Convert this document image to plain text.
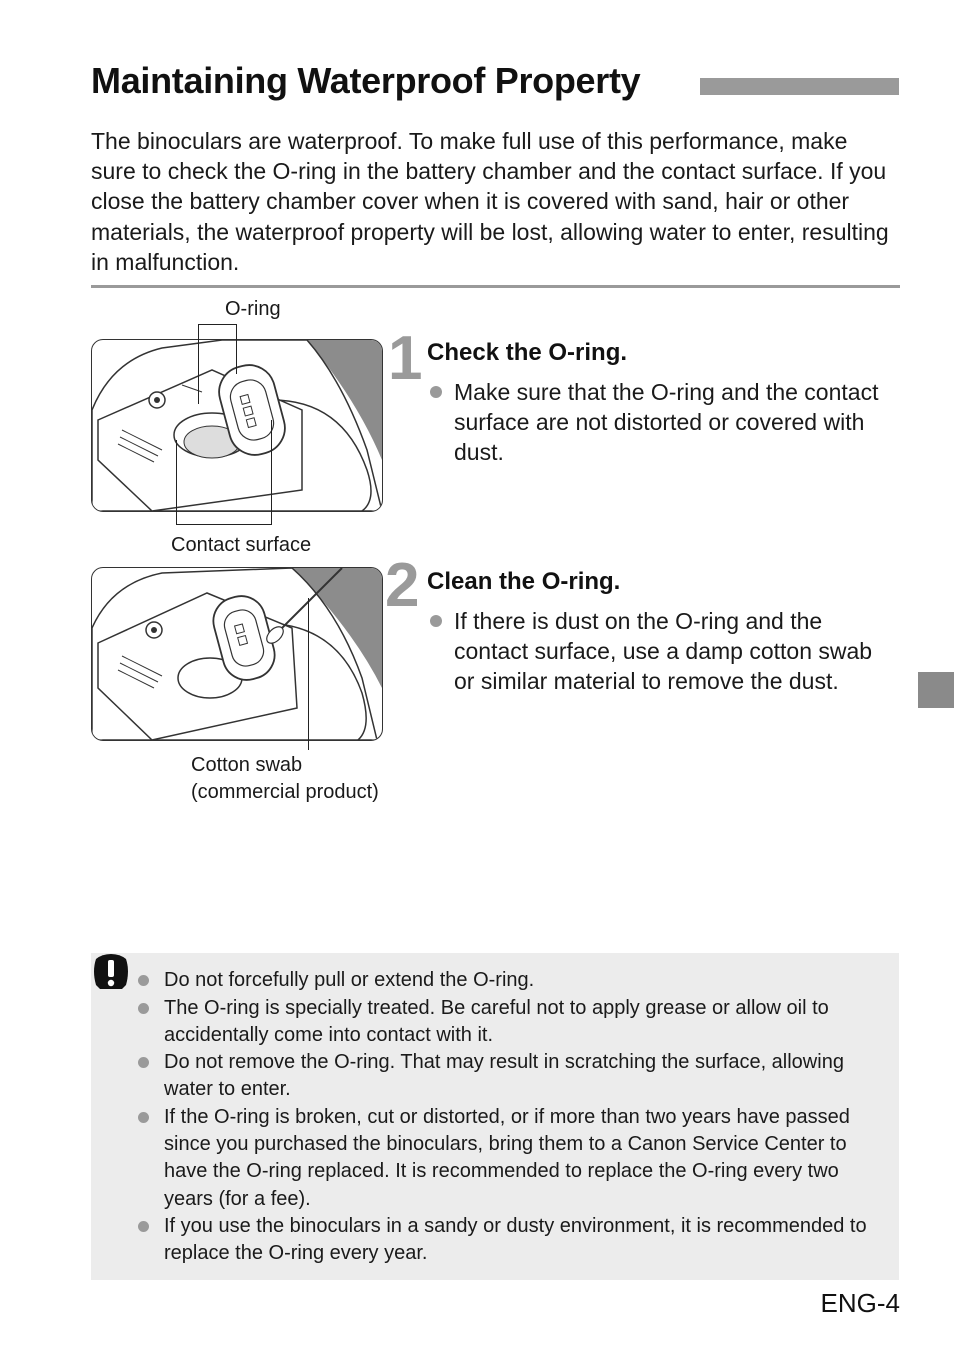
Maintaining Waterproof Property
The binoculars are waterproof. To make full use of this performance, make sure to check the O-ring in the battery chamber and the contact surface. If you close the battery chamber cover when it is covered with sand, hair or other materials, the waterproof property will be lost, allowing water to enter, resulting in malfunction.
O-ring
Contact surface
Cotton swab
(commercial product)
1 Check the O-ring.
Make sure that the O-ring and the contact surface are not distorted or covered with dust.
2 Clean the O-ring.
If there is dust on the O-ring and the contact surface, use a damp cotton swab or similar material to remove the dust.
Do not forcefully pull or extend the O-ring.
The O-ring is specially treated. Be careful not to apply grease or allow oil to accidentally come into contact with it.
Do not remove the O-ring. That may result in scratching the surface, allowing water to enter.
If the O-ring is broken, cut or distorted, or if more than two years have passed since you purchased the binoculars, bring them to a Canon Service Center to have the O-ring replaced. It is recommended to replace the O-ring every two years (for a fee).
If you use the binoculars in a sandy or dusty environment, it is recommended to replace the O-ring every year.
ENG-4
